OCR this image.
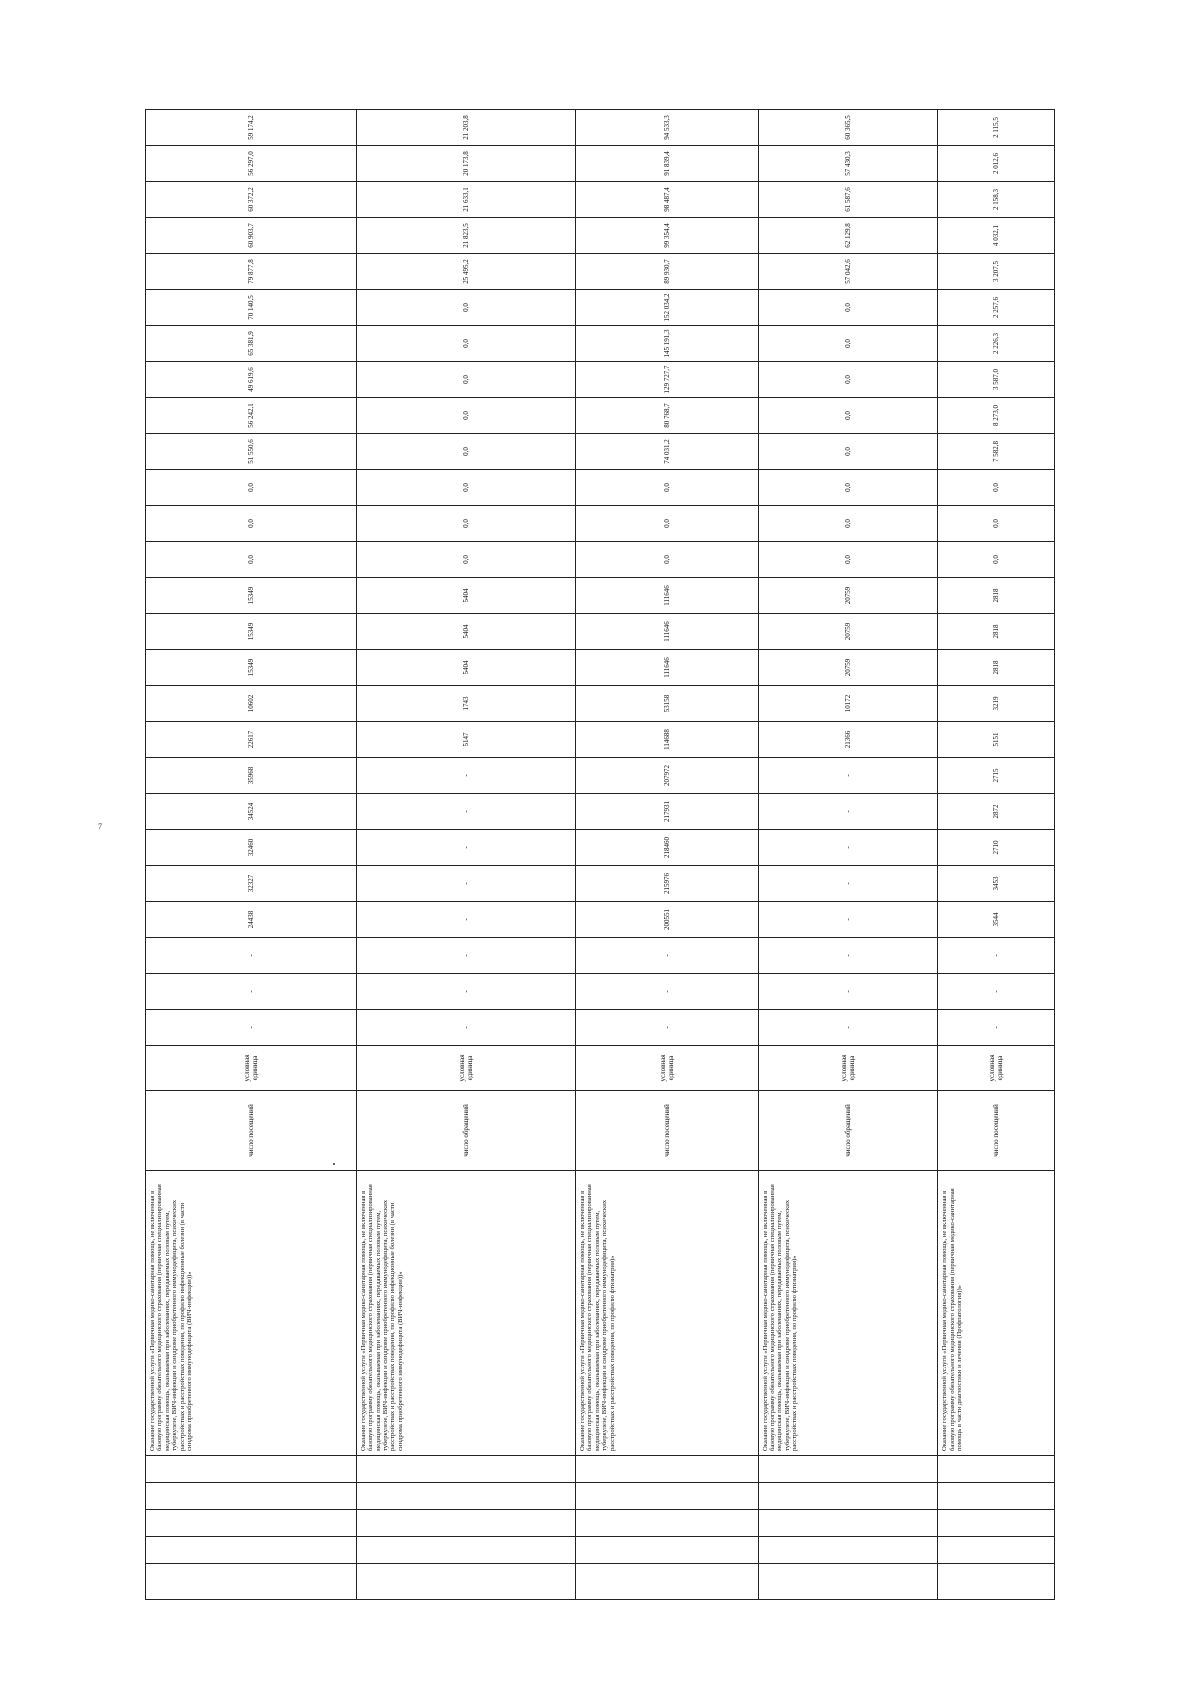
7
					Оказание государственной услуги «Первичная медико-санитарная помощь, не включенная в базовую программу обязательного медицинского страхования (первичная специализированная медицинская помощь, оказываемая при заболеваниях, передаваемых половым путем, туберкулезе, ВИЧ-инфекции и синдроме приобретенного иммунодефицита, психических расстройствах и расстройствах поведения, по профилю инфекционные болезни (в части синдрома приобретенного иммунодефицита (ВИЧ-инфекции))»	число посещений	условная единица	-	-	-	24438	32327	32460	34524	35968	22617	10602	15349	15349	15349	0,0	0,0	0,0	51 550,6	56 242,1	49 619,6	65 381,9	70 140,5	79 877,8	60 903,7	60 372,2	56 297,0	59 174,2
					Оказание государственной услуги «Первичная медико-санитарная помощь, не включенная в базовую программу обязательного медицинского страхования (первичная специализированная медицинская помощь, оказываемая при заболеваниях, передаваемых половым путем, туберкулезе, ВИЧ-инфекции и синдроме приобретенного иммунодефицита, психических расстройствах и расстройствах поведения, по профилю инфекционные болезни (в части синдрома приобретенного иммунодефицита (ВИЧ-инфекции))»	число обращений	условная единица	-	-	-	-	-	-	-	-	5147	1743	5404	5404	5404	0,0	0,0	0,0	0,0	0,0	0,0	0,0	0,0	25 495,2	21 823,5	21 633,1	20 173,8	21 203,8
					Оказание государственной услуги «Первичная медико-санитарная помощь, не включенная в базовую программу обязательного медицинского страхования (первичная специализированная медицинская помощь, оказываемая при заболеваниях, передаваемых половым путем, туберкулезе, ВИЧ-инфекции и синдроме приобретенного иммунодефицита, психических расстройствах и расстройствах поведения, по профилю фтизиатрия)»	число посещений	условная единица	-	-	-	200551	215976	218460	217931	207972	114688	53158	111646	111646	111646	0,0	0,0	0,0	74 031,2	80 768,7	129 727,7	145 191,3	152 034,2	89 930,7	99 354,4	98 487,4	91 839,4	94 533,3
					Оказание государственной услуги «Первичная медико-санитарная помощь, не включенная в базовую программу обязательного медицинского страхования (первичная специализированная медицинская помощь, оказываемая при заболеваниях, передаваемых половым путем, туберкулезе, ВИЧ-инфекции и синдроме приобретенного иммунодефицита, психических расстройствах и расстройствах поведения, по профилю фтизиатрия)»	число обращений	условная единица	-	-	-	-	-	-	-	-	21366	10172	20759	20759	20759	0,0	0,0	0,0	0,0	0,0	0,0	0,0	0,0	57 042,6	62 129,8	61 587,6	57 430,3	60 365,5
					Оказание государственной услуги «Первичная медико-санитарная помощь, не включенная в базовую программу обязательного медицинского страхования (первичная медико-санитарная помощь в части диагностики и лечения (Профпатология))»	число посещений	условная единица	-	-	-	3544	3453	2710	2872	2715	5151	3219	2818	2818	2818	0,0	0,0	0,0	7 582,8	8 273,0	3 587,0	2 226,3	2 257,6	3 207,5	4 032,1	2 158,3	2 012,6	2 115,5
